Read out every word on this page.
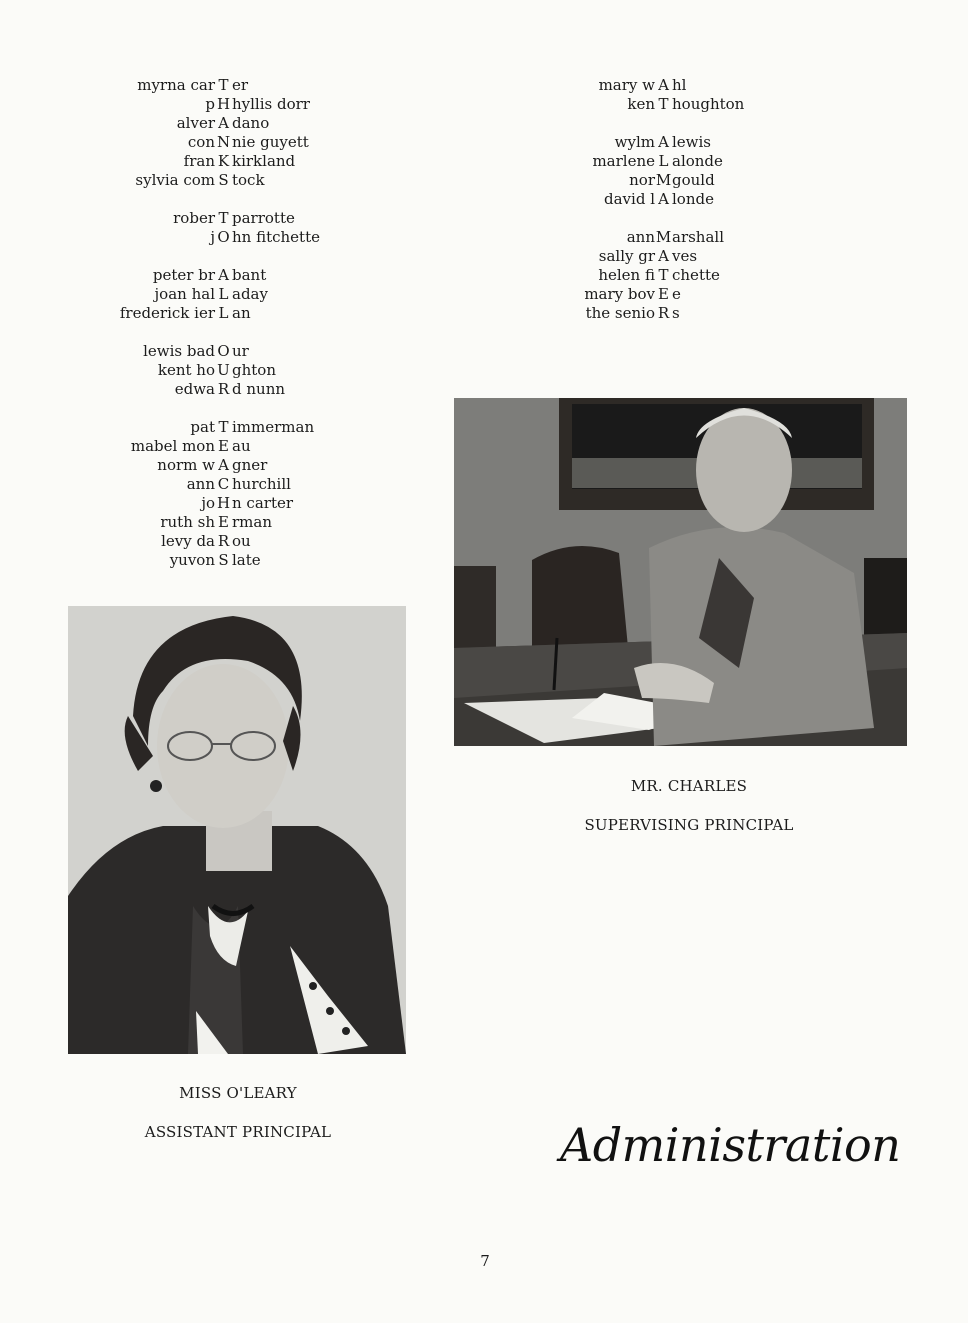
myrna car T er
p H hyllis dorr
alver A dano
con N nie guyett
fran K kirkland
sylvia com S tock
rober T parrotte
j O hn fitchette
peter br A bant
joan hal L aday
frederick ier L an
lewis bad O ur
kent ho U ghton
edwa R d nunn
pat T immerman
mabel mon E au
norm w A gner
ann C hurchill
jo H n carter
ruth sh E rman
levy da R ou
yuvon S late
mary w A hl
ken T houghton
wylm A lewis
marlene L alonde
nor M gould
david l A londe
ann M arshall
sally gr A ves
helen fi T chette
mary bov E e
the senio R s
MR. CHARLES
SUPERVISING PRINCIPAL
MISS O'LEARY
ASSISTANT PRINCIPAL	Administration
7
